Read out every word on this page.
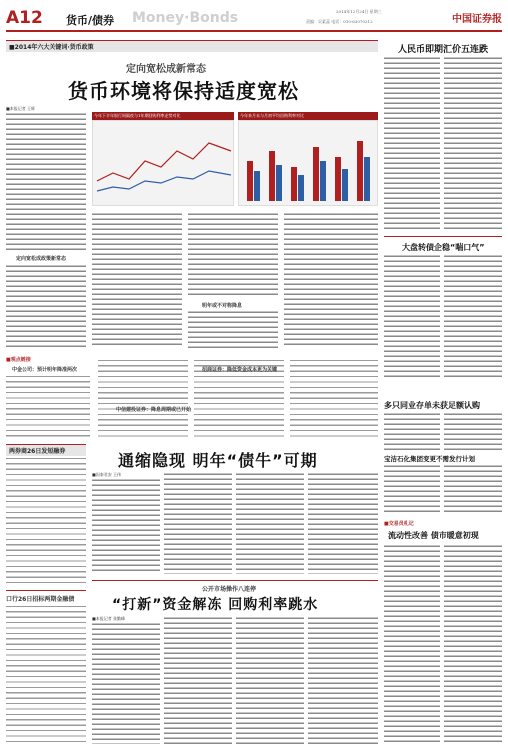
A12 货币/债券 Money·Bonds	2014年12月24日 星期三
责编：吴素蕊 电话：010-63070212	中国证券报
■2014年六大关键词·货币政策
定向宽松成新常态
货币环境将保持适度宽松
■本报记者 王辉
定向宽松成政策新常态
今年下半年银行间隔夜与1年期回购利率走势对比	今年来月末与月初平均回购利率对比
明年或不对称降息
■观点链接
中金公司：预计明年降准两次
中信建投证券：降息周期或已开始
招商证券：降低资金成本更为关键
人民币即期汇价五连跌
大盘转债企稳“喘口气”
多只同业存单未获足额认购
宝洁石化集团变更不需发行计划
两券商26日发短融券
口行26日招标两期金融债
通缩隐现 明年“债牛”可期
■国泰君安 王伟
公开市场操作八连停
“打新”资金解冻 回购利率跳水
■本报记者 张勤峰
■交易员札记
流动性改善 债市暖意初现
